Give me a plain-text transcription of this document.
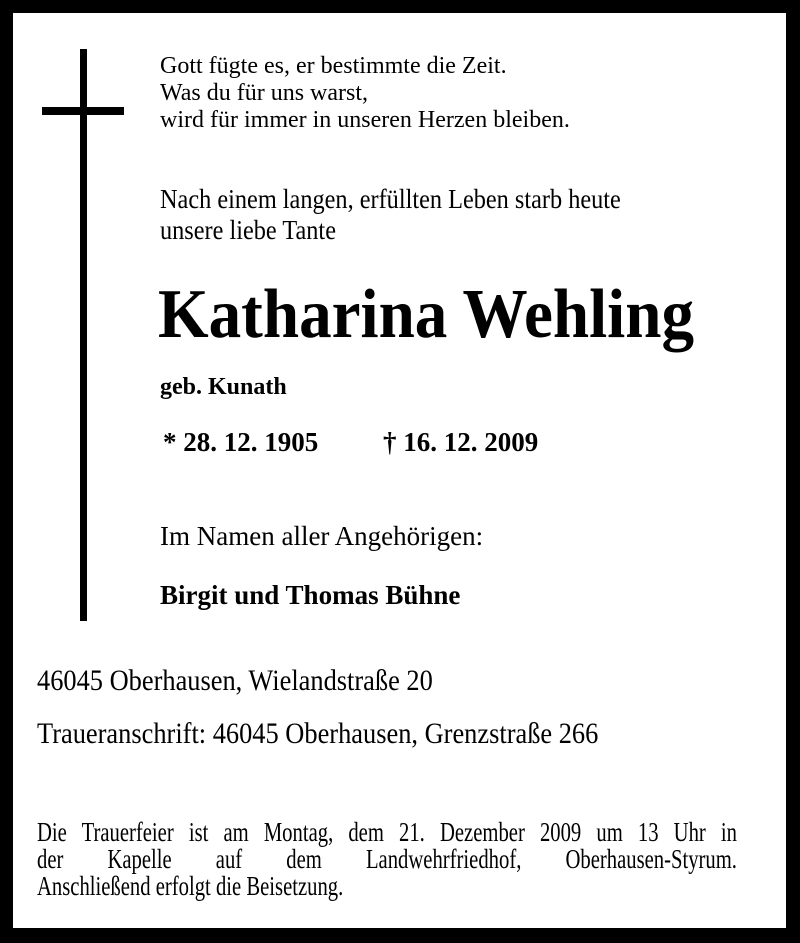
Gott fügte es, er bestimmte die Zeit.
Was du für uns warst,
wird für immer in unseren Herzen bleiben.
Nach einem langen, erfüllten Leben starb heute
unsere liebe Tante
Katharina Wehling
geb. Kunath
* 28. 12. 1905 † 16. 12. 2009
Im Namen aller Angehörigen:
Birgit und Thomas Bühne
46045 Oberhausen, Wielandstraße 20
Traueranschrift: 46045 Oberhausen, Grenzstraße 266
Die Trauerfeier ist am Montag, dem 21. Dezember 2009 um 13 Uhr in
der Kapelle auf dem Landwehrfriedhof, Oberhausen-Styrum.
Anschließend erfolgt die Beisetzung.
